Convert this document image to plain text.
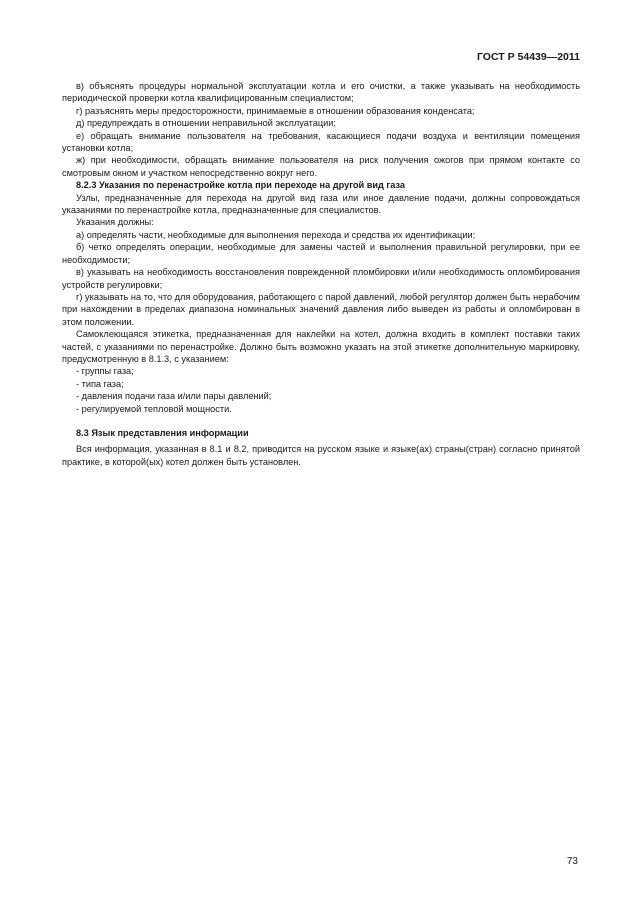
ГОСТ Р 54439—2011

в) объяснять процедуры нормальной эксплуатации котла и его очистки, а также указывать на необходимость периодической проверки котла квалифицированным специалистом;

г) разъяснять меры предосторожности, принимаемые в отношении образования конденсата;

д) предупреждать в отношении неправильной эксплуатации;

е) обращать внимание пользователя на требования, касающиеся подачи воздуха и вентиляции помещения установки котла;

ж) при необходимости, обращать внимание пользователя на риск получения ожогов при прямом контакте со смотровым окном и участком непосредственно вокруг него.

8.2.3 Указания по перенастройке котла при переходе на другой вид газа

Узлы, предназначенные для перехода на другой вид газа или иное давление подачи, должны сопровождаться указаниями по перенастройке котла, предназначенные для специалистов.

Указания должны:

а) определять части, необходимые для выполнения перехода и средства их идентификации;

б) четко определять операции, необходимые для замены частей и выполнения правильной регулировки, при ее необходимости;

в) указывать на необходимость восстановления поврежденной пломбировки и/или необходимость опломбирования устройств регулировки;

г) указывать на то, что для оборудования, работающего с парой давлений, любой регулятор должен быть нерабочим при нахождении в пределах диапазона номинальных значений давления либо выведен из работы и опломбирован в этом положении.

Самоклеющаяся этикетка, предназначенная для наклейки на котел, должна входить в комплект поставки таких частей, с указаниями по перенастройке. Должно быть возможно указать на этой этикетке дополнительную маркировку, предусмотренную в 8.1.3, с указанием:

- группы газа;

- типа газа;

- давления подачи газа и/или пары давлений;

- регулируемой тепловой мощности.

8.3 Язык представления информации

Вся информация, указанная в 8.1 и 8.2, приводится на русском языке и языке(ах) страны(стран) согласно принятой практике, в которой(ых) котел должен быть установлен.

73
